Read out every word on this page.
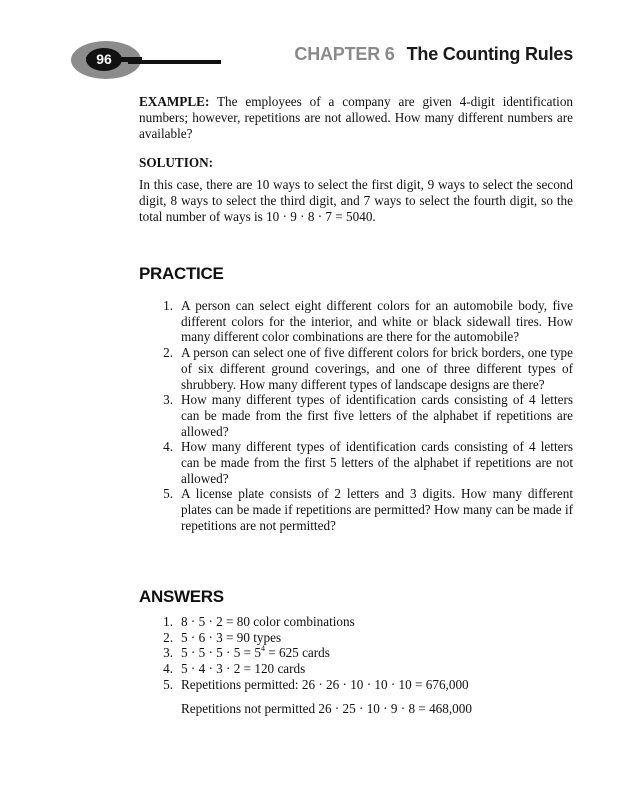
96	CHAPTER 6 The Counting Rules

EXAMPLE: The employees of a company are given 4-digit identification numbers; however, repetitions are not allowed. How many different numbers are available?

SOLUTION:

In this case, there are 10 ways to select the first digit, 9 ways to select the second digit, 8 ways to select the third digit, and 7 ways to select the fourth digit, so the total number of ways is 10 · 9 · 8 · 7 = 5040.

PRACTICE
1. A person can select eight different colors for an automobile body, five different colors for the interior, and white or black sidewall tires. How many different color combinations are there for the automobile?
2. A person can select one of five different colors for brick borders, one type of six different ground coverings, and one of three different types of shrubbery. How many different types of landscape designs are there?
3. How many different types of identification cards consisting of 4 letters can be made from the first five letters of the alphabet if repetitions are allowed?
4. How many different types of identification cards consisting of 4 letters can be made from the first 5 letters of the alphabet if repetitions are not allowed?
5. A license plate consists of 2 letters and 3 digits. How many different plates can be made if repetitions are permitted? How many can be made if repetitions are not permitted?
ANSWERS
1. 8 · 5 · 2 = 80 color combinations
2. 5 · 6 · 3 = 90 types
3. $5 \cdot 5 \cdot 5 \cdot 5 = 5^4 = 625$ cards
4. 5 · 4 · 3 · 2 = 120 cards
5. Repetitions permitted: 26 · 26 · 10 · 10 · 10 = 676,000
Repetitions not permitted 26 · 25 · 10 · 9 · 8 = 468,000
